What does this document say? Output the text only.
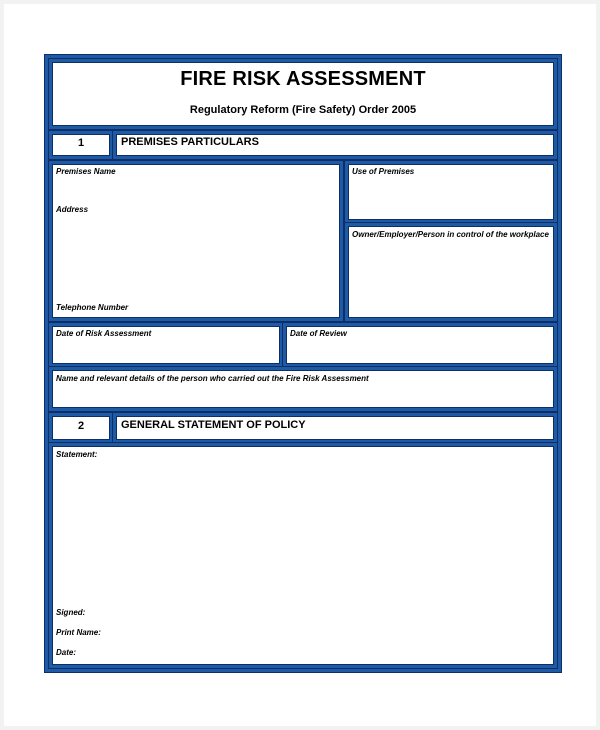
FIRE RISK ASSESSMENT
Regulatory Reform (Fire Safety) Order 2005
1	PREMISES PARTICULARS
Premises Name
Address
Telephone Number
Use of Premises
Owner/Employer/Person in control of the workplace
Date of Risk Assessment	Date of Review
Name and relevant details of the person who carried out the Fire Risk Assessment
2	GENERAL STATEMENT OF POLICY
Statement:
Signed:
Print Name:
Date:
